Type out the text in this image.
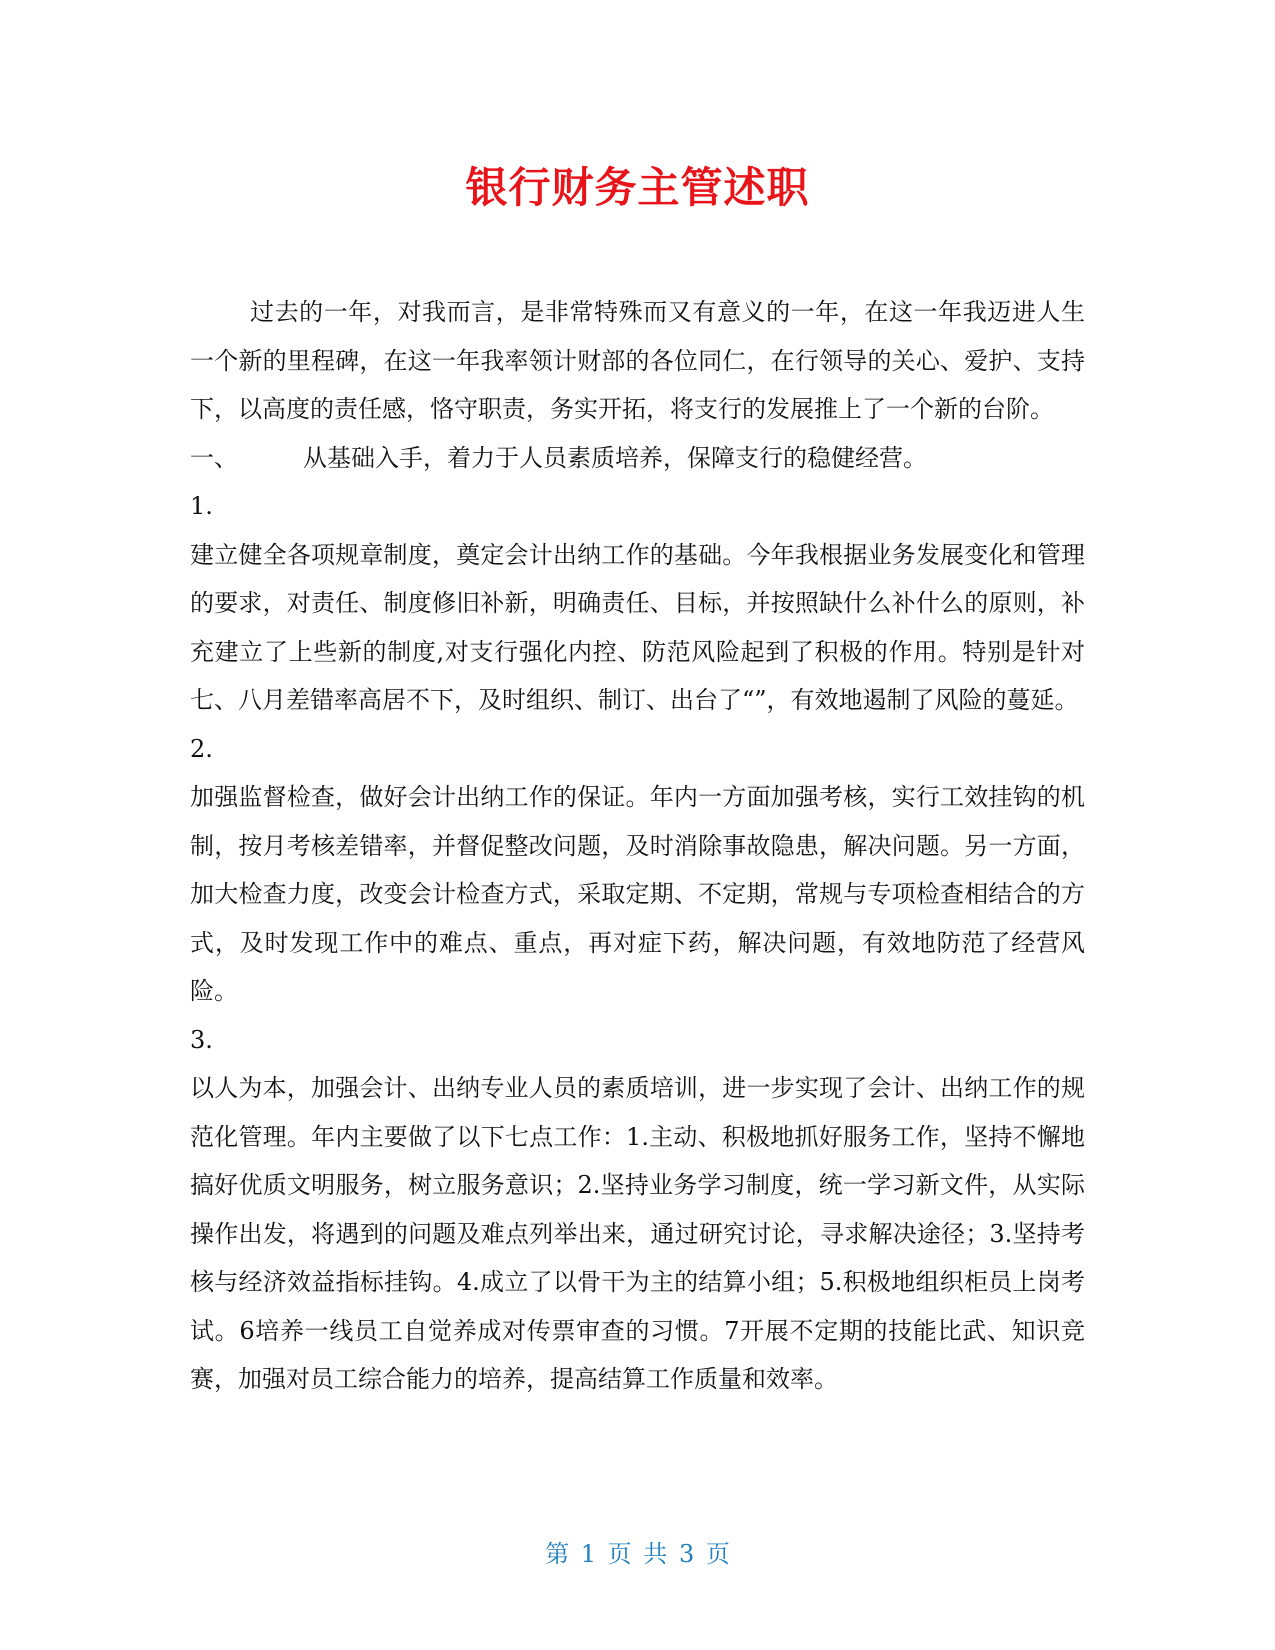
银行财务主管述职

过去的一年，对我而言，是非常特殊而又有意义的一年，在这一年我迈进人生一个新的里程碑，在这一年我率领计财部的各位同仁，在行领导的关心、爱护、支持下，以高度的责任感，恪守职责，务实开拓，将支行的发展推上了一个新的台阶。

一、	从基础入手，着力于人员素质培养，保障支行的稳健经营。

1.

建立健全各项规章制度，奠定会计出纳工作的基础。今年我根据业务发展变化和管理的要求，对责任、制度修旧补新，明确责任、目标，并按照缺什么补什么的原则，补充建立了上些新的制度,对支行强化内控、防范风险起到了积极的作用。特别是针对七、八月差错率高居不下，及时组织、制订、出台了“”，有效地遏制了风险的蔓延。

2.

加强监督检查，做好会计出纳工作的保证。年内一方面加强考核，实行工效挂钩的机制，按月考核差错率，并督促整改问题，及时消除事故隐患，解决问题。另一方面，加大检查力度，改变会计检查方式，采取定期、不定期，常规与专项检查相结合的方式，及时发现工作中的难点、重点，再对症下药，解决问题，有效地防范了经营风险。

3.

以人为本，加强会计、出纳专业人员的素质培训，进一步实现了会计、出纳工作的规范化管理。年内主要做了以下七点工作：1.主动、积极地抓好服务工作，坚持不懈地搞好优质文明服务，树立服务意识；2.坚持业务学习制度，统一学习新文件，从实际操作出发，将遇到的问题及难点列举出来，通过研究讨论，寻求解决途径；3.坚持考核与经济效益指标挂钩。4.成立了以骨干为主的结算小组；5.积极地组织柜员上岗考试。6培养一线员工自觉养成对传票审查的习惯。7开展不定期的技能比武、知识竞赛，加强对员工综合能力的培养，提高结算工作质量和效率。

第 1 页 共 3 页
